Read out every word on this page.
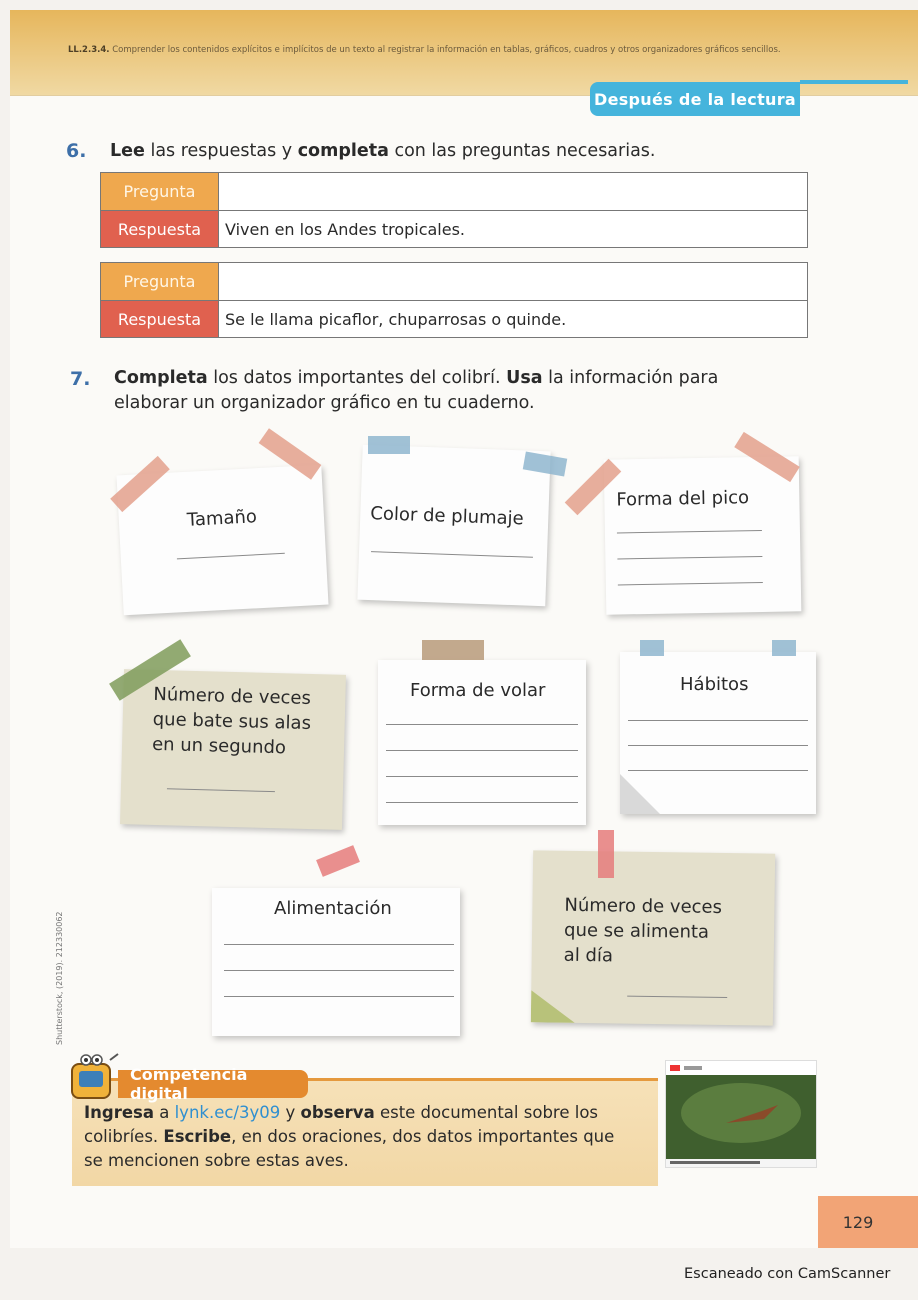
LL.2.3.4. Comprender los contenidos explícitos e implícitos de un texto al registrar la información en tablas, gráficos, cuadros y otros organizadores gráficos sencillos.
Después de la lectura
6. Lee las respuestas y completa con las preguntas necesarias.
Pregunta
Respuesta	Viven en los Andes tropicales.
Pregunta
Respuesta	Se le llama picaflor, chuparrosas o quinde.
7. Completa los datos importantes del colibrí. Usa la información para
elaborar un organizador gráfico en tu cuaderno.
Tamaño	Color de plumaje
Forma del pico
Número de veces
que bate sus alas
en un segundo
Forma de volar	Hábitos
Alimentación	Número de veces
que se alimenta
al día
Shutterstock, (2019). 212330062
Competencia digital
Ingresa a lynk.ec/3y09 y observa este documental sobre los
colibríes. Escribe, en dos oraciones, dos datos importantes que
se mencionen sobre estas aves.
129
Escaneado con CamScanner
